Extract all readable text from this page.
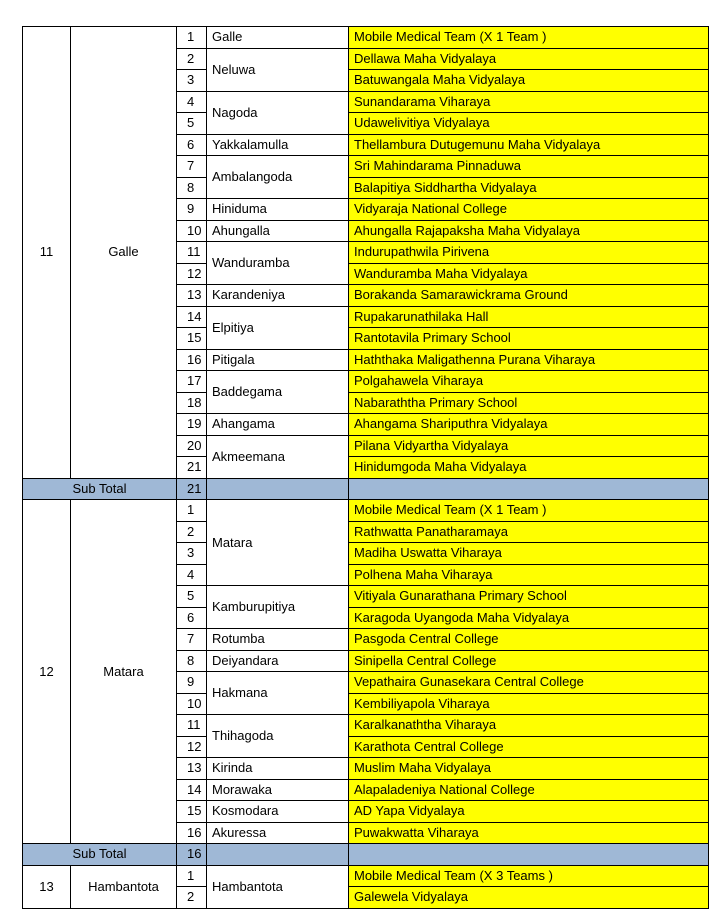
11	Galle	1	Galle	Mobile Medical Team (X 1 Team )
		2	Neluwa	Dellawa Maha Vidyalaya
		3		Batuwangala Maha Vidyalaya
		4	Nagoda	Sunandarama Viharaya
		5		Udawelivitiya Vidyalaya
		6	Yakkalamulla	Thellambura Dutugemunu Maha Vidyalaya
		7	Ambalangoda	Sri Mahindarama Pinnaduwa
		8		Balapitiya Siddhartha Vidyalaya
		9	Hiniduma	Vidyaraja National College
		10	Ahungalla	Ahungalla Rajapaksha Maha Vidyalaya
		11	Wanduramba	Indurupathwila Pirivena
		12		Wanduramba Maha Vidyalaya
		13	Karandeniya	Borakanda Samarawickrama Ground
		14	Elpitiya	Rupakarunathilaka Hall
		15		Rantotavila Primary School
		16	Pitigala	Haththaka Maligathenna Purana Viharaya
		17	Baddegama	Polgahawela Viharaya
		18		Nabaraththa Primary School
		19	Ahangama	Ahangama Shariputhra Vidyalaya
		20	Akmeemana	Pilana Vidyartha Vidyalaya
		21		Hinidumgoda Maha Vidyalaya
Sub Total		21		
12	Matara	1	Matara	Mobile Medical Team (X 1 Team )
		2		Rathwatta Panatharamaya
		3		Madiha Uswatta Viharaya
		4		Polhena Maha Viharaya
		5	Kamburupitiya	Vitiyala Gunarathana Primary School
		6		Karagoda Uyangoda Maha Vidyalaya
		7	Rotumba	Pasgoda Central College
		8	Deiyandara	Sinipella Central College
		9	Hakmana	Vepathaira Gunasekara Central College
		10		Kembiliyapola Viharaya
		11	Thihagoda	Karalkanaththa Viharaya
		12		Karathota Central College
		13	Kirinda	Muslim Maha Vidyalaya
		14	Morawaka	Alapaladeniya National College
		15	Kosmodara	AD Yapa Vidyalaya
		16	Akuressa	Puwakwatta Viharaya
Sub Total		16		
13	Hambantota	1	Hambantota	Mobile Medical Team (X 3 Teams )
		2		Galewela Vidyalaya
